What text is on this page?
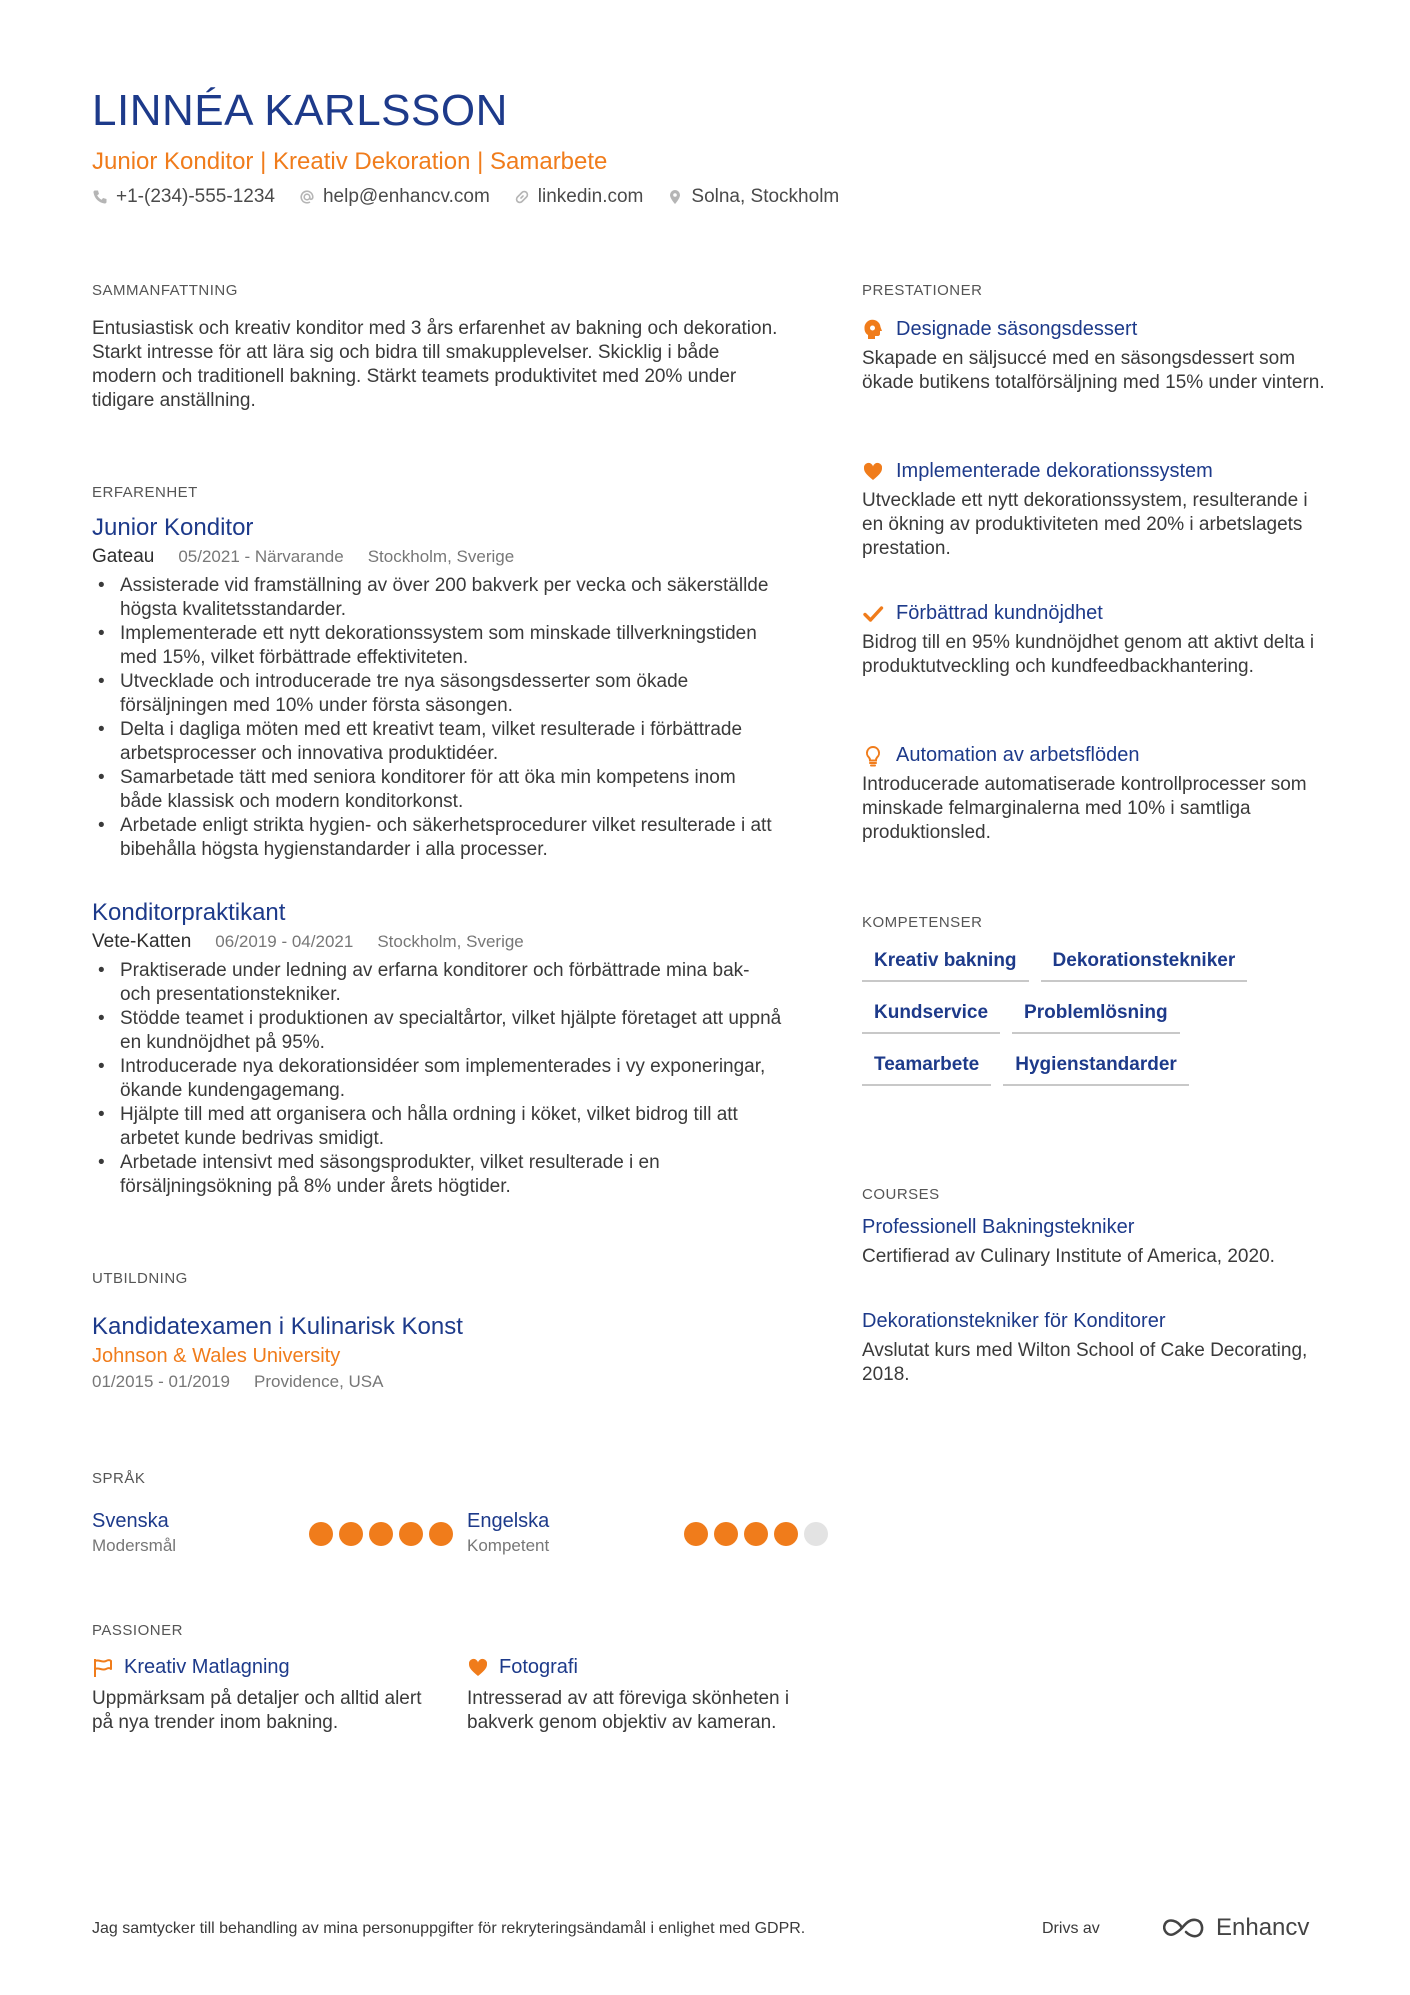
LINNÉA KARLSSON
Junior Konditor | Kreativ Dekoration | Samarbete
+1-(234)-555-1234	help@enhancv.com	linkedin.com	Solna, Stockholm
SAMMANFATTNING

Entusiastisk och kreativ konditor med 3 års erfarenhet av bakning och dekoration. Starkt intresse för att lära sig och bidra till smakupplevelser. Skicklig i både modern och traditionell bakning. Stärkt teamets produktivitet med 20% under tidigare anställning.

ERFARENHET
Junior Konditor
Gateau 05/2021 - Närvarande Stockholm, Sverige
• Assisterade vid framställning av över 200 bakverk per vecka och säkerställde högsta kvalitetsstandarder.
• Implementerade ett nytt dekorationssystem som minskade tillverkningstiden med 15%, vilket förbättrade effektiviteten.
• Utvecklade och introducerade tre nya säsongsdesserter som ökade försäljningen med 10% under första säsongen.
• Delta i dagliga möten med ett kreativt team, vilket resulterade i förbättrade arbetsprocesser och innovativa produktidéer.
• Samarbetade tätt med seniora konditorer för att öka min kompetens inom både klassisk och modern konditorkonst.
• Arbetade enligt strikta hygien- och säkerhetsprocedurer vilket resulterade i att bibehålla högsta hygienstandarder i alla processer.
Konditorpraktikant
Vete-Katten 06/2019 - 04/2021 Stockholm, Sverige
• Praktiserade under ledning av erfarna konditorer och förbättrade mina bak- och presentationstekniker.
• Stödde teamet i produktionen av specialtårtor, vilket hjälpte företaget att uppnå en kundnöjdhet på 95%.
• Introducerade nya dekorationsidéer som implementerades i vy exponeringar, ökande kundengagemang.
• Hjälpte till med att organisera och hålla ordning i köket, vilket bidrog till att arbetet kunde bedrivas smidigt.
• Arbetade intensivt med säsongsprodukter, vilket resulterade i en försäljningsökning på 8% under årets högtider.
UTBILDNING
Kandidatexamen i Kulinarisk Konst
Johnson & Wales University
01/2015 - 01/2019 Providence, USA
SPRÅK
Svenska
Modersmål
Engelska
Kompetent
PASSIONER
Kreativ Matlagning
Uppmärksam på detaljer och alltid alert på nya trender inom bakning.
Fotografi
Intresserad av att föreviga skönheten i bakverk genom objektiv av kameran.
PRESTATIONER
Designade säsongsdessert
Skapade en säljsuccé med en säsongsdessert som ökade butikens totalförsäljning med 15% under vintern.
Implementerade dekorationssystem
Utvecklade ett nytt dekorationssystem, resulterande i en ökning av produktiviteten med 20% i arbetslagets prestation.
Förbättrad kundnöjdhet
Bidrog till en 95% kundnöjdhet genom att aktivt delta i produktutveckling och kundfeedbackhantering.
Automation av arbetsflöden
Introducerade automatiserade kontrollprocesser som minskade felmarginalerna med 10% i samtliga produktionsled.
KOMPETENSER
Kreativ bakning	Dekorationstekniker
Kundservice	Problemlösning
Teamarbete	Hygienstandarder
COURSES
Professionell Bakningstekniker
Certifierad av Culinary Institute of America, 2020.
Dekorationstekniker för Konditorer
Avslutat kurs med Wilton School of Cake Decorating, 2018.
Jag samtycker till behandling av mina personuppgifter för rekryteringsändamål i enlighet med GDPR.	Drivs av	Enhancv
